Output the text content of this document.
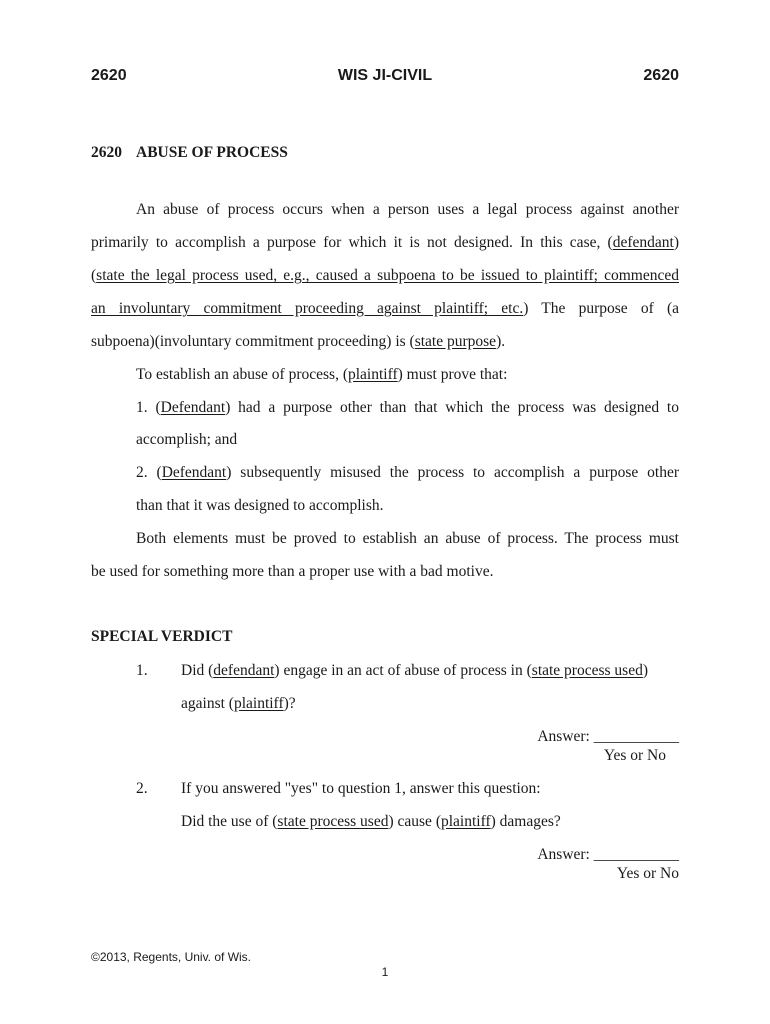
2620	WIS JI-CIVIL	2620
2620 ABUSE OF PROCESS
An abuse of process occurs when a person uses a legal process against another
primarily to accomplish a purpose for which it is not designed. In this case, (defendant)
(state the legal process used, e.g., caused a subpoena to be issued to plaintiff; commenced
an involuntary commitment proceeding against plaintiff; etc.) The purpose of (a
subpoena)(involuntary commitment proceeding) is (state purpose).
To establish an abuse of process, (plaintiff) must prove that:
1. (Defendant) had a purpose other than that which the process was designed to
accomplish; and
2. (Defendant) subsequently misused the process to accomplish a purpose other
than that it was designed to accomplish.
Both elements must be proved to establish an abuse of process. The process must
be used for something more than a proper use with a bad motive.
SPECIAL VERDICT
1. Did (defendant) engage in an act of abuse of process in (state process used)
against (plaintiff)?
Answer: ___________
Yes or No
2. If you answered "yes" to question 1, answer this question:
Did the use of (state process used) cause (plaintiff) damages?
Answer: ___________
Yes or No
©2013, Regents, Univ. of Wis.
1
